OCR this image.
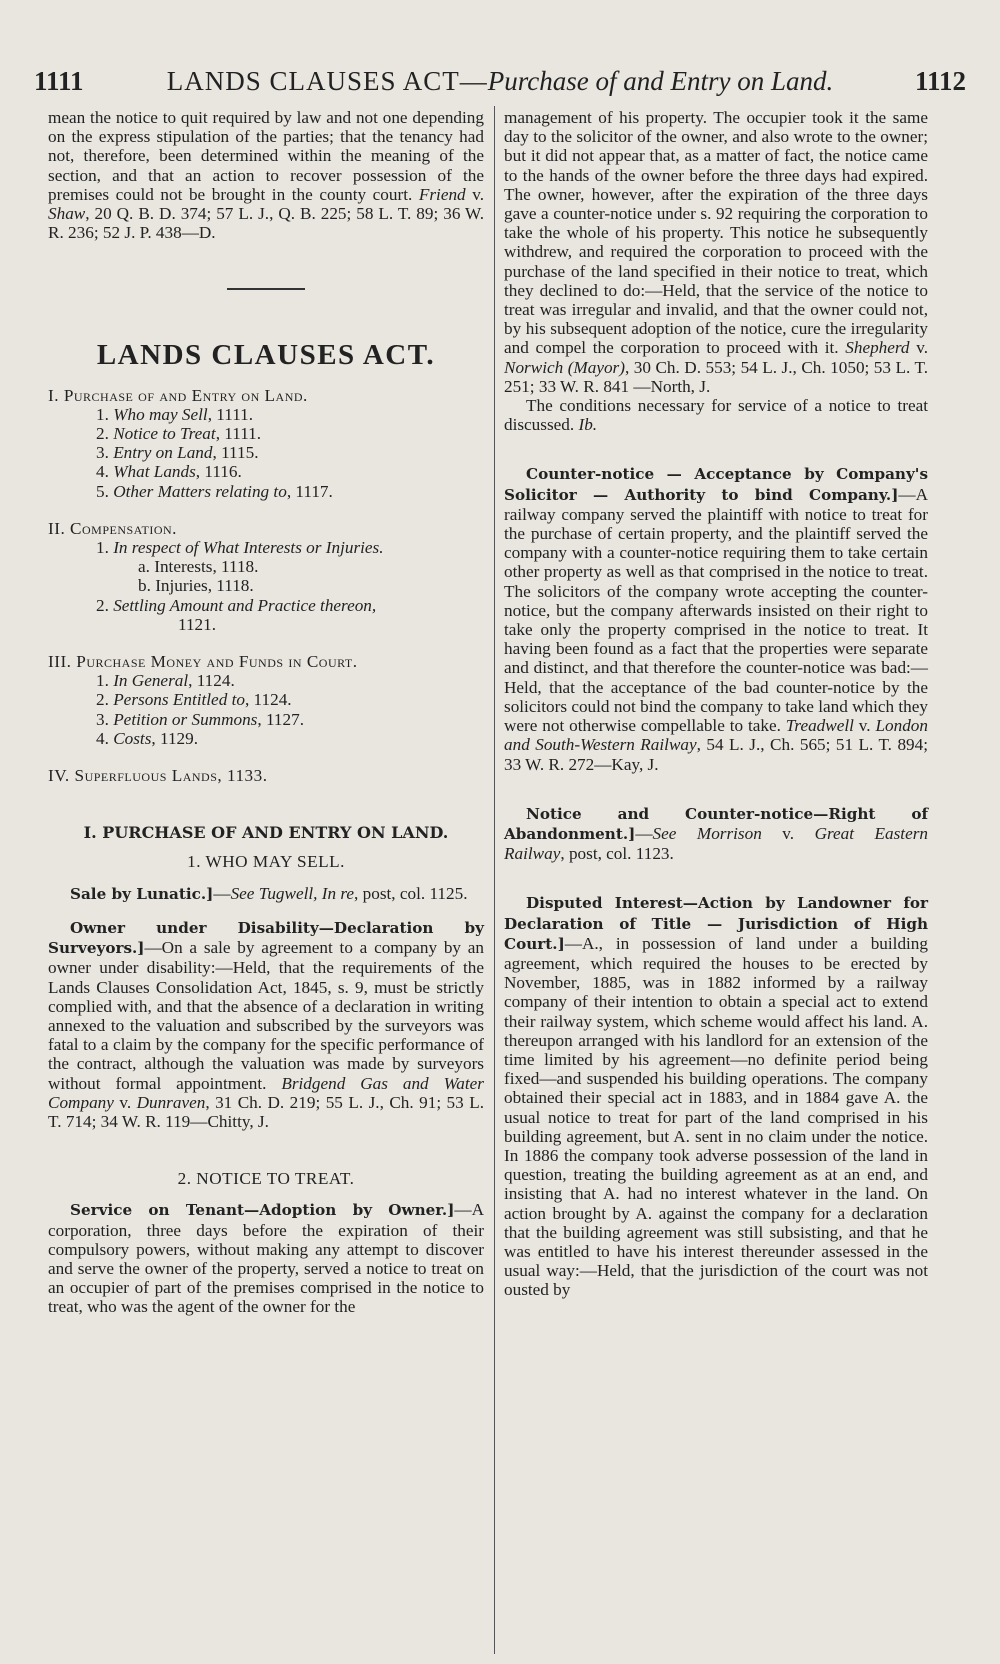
1111	LANDS CLAUSES ACT—Purchase of and Entry on Land.	1112

mean the notice to quit required by law and not one depending on the express stipulation of the parties; that the tenancy had not, therefore, been determined within the meaning of the section, and that an action to recover possession of the premises could not be brought in the county court. Friend v. Shaw, 20 Q. B. D. 374; 57 L. J., Q. B. 225; 58 L. T. 89; 36 W. R. 236; 52 J. P. 438—D.

LANDS CLAUSES ACT.

I. Purchase of and Entry on Land.

1. Who may Sell, 1111.

2. Notice to Treat, 1111.

3. Entry on Land, 1115.

4. What Lands, 1116.

5. Other Matters relating to, 1117.

II. Compensation.

1. In respect of What Interests or Injuries.

a. Interests, 1118.

b. Injuries, 1118.

2. Settling Amount and Practice thereon,

1121.

III. Purchase Money and Funds in Court.

1. In General, 1124.

2. Persons Entitled to, 1124.

3. Petition or Summons, 1127.

4. Costs, 1129.

IV. Superfluous Lands, 1133.

I. PURCHASE OF AND ENTRY ON LAND.
1. WHO MAY SELL.

Sale by Lunatic.]—See Tugwell, In re, post, col. 1125.

Owner under Disability—Declaration by Surveyors.]—On a sale by agreement to a company by an owner under disability:—Held, that the requirements of the Lands Clauses Consolidation Act, 1845, s. 9, must be strictly complied with, and that the absence of a declaration in writing annexed to the valuation and subscribed by the surveyors was fatal to a claim by the company for the specific performance of the contract, although the valuation was made by surveyors without formal appointment. Bridgend Gas and Water Company v. Dunraven, 31 Ch. D. 219; 55 L. J., Ch. 91; 53 L. T. 714; 34 W. R. 119—Chitty, J.

2. NOTICE TO TREAT.

Service on Tenant—Adoption by Owner.]—A corporation, three days before the expiration of their compulsory powers, without making any attempt to discover and serve the owner of the property, served a notice to treat on an occupier of part of the premises comprised in the notice to treat, who was the agent of the owner for the

management of his property. The occupier took it the same day to the solicitor of the owner, and also wrote to the owner; but it did not appear that, as a matter of fact, the notice came to the hands of the owner before the three days had expired. The owner, however, after the expiration of the three days gave a counter-notice under s. 92 requiring the corporation to take the whole of his property. This notice he subsequently withdrew, and required the corporation to proceed with the purchase of the land specified in their notice to treat, which they declined to do:—Held, that the service of the notice to treat was irregular and invalid, and that the owner could not, by his subsequent adoption of the notice, cure the irregularity and compel the corporation to proceed with it. Shepherd v. Norwich (Mayor), 30 Ch. D. 553; 54 L. J., Ch. 1050; 53 L. T. 251; 33 W. R. 841 —North, J.

The conditions necessary for service of a notice to treat discussed. Ib.

Counter-notice — Acceptance by Company's Solicitor — Authority to bind Company.]—A railway company served the plaintiff with notice to treat for the purchase of certain property, and the plaintiff served the company with a counter-notice requiring them to take certain other property as well as that comprised in the notice to treat. The solicitors of the company wrote accepting the counter-notice, but the company afterwards insisted on their right to take only the property comprised in the notice to treat. It having been found as a fact that the properties were separate and distinct, and that therefore the counter-notice was bad:—Held, that the acceptance of the bad counter-notice by the solicitors could not bind the company to take land which they were not otherwise compellable to take. Treadwell v. London and South-Western Railway, 54 L. J., Ch. 565; 51 L. T. 894; 33 W. R. 272—Kay, J.

Notice and Counter-notice—Right of Abandonment.]—See Morrison v. Great Eastern Railway, post, col. 1123.

Disputed Interest—Action by Landowner for Declaration of Title — Jurisdiction of High Court.]—A., in possession of land under a building agreement, which required the houses to be erected by November, 1885, was in 1882 informed by a railway company of their intention to obtain a special act to extend their railway system, which scheme would affect his land. A. thereupon arranged with his landlord for an extension of the time limited by his agreement—no definite period being fixed—and suspended his building operations. The company obtained their special act in 1883, and in 1884 gave A. the usual notice to treat for part of the land comprised in his building agreement, but A. sent in no claim under the notice. In 1886 the company took adverse possession of the land in question, treating the building agreement as at an end, and insisting that A. had no interest whatever in the land. On action brought by A. against the company for a declaration that the building agreement was still subsisting, and that he was entitled to have his interest thereunder assessed in the usual way:—Held, that the jurisdiction of the court was not ousted by
